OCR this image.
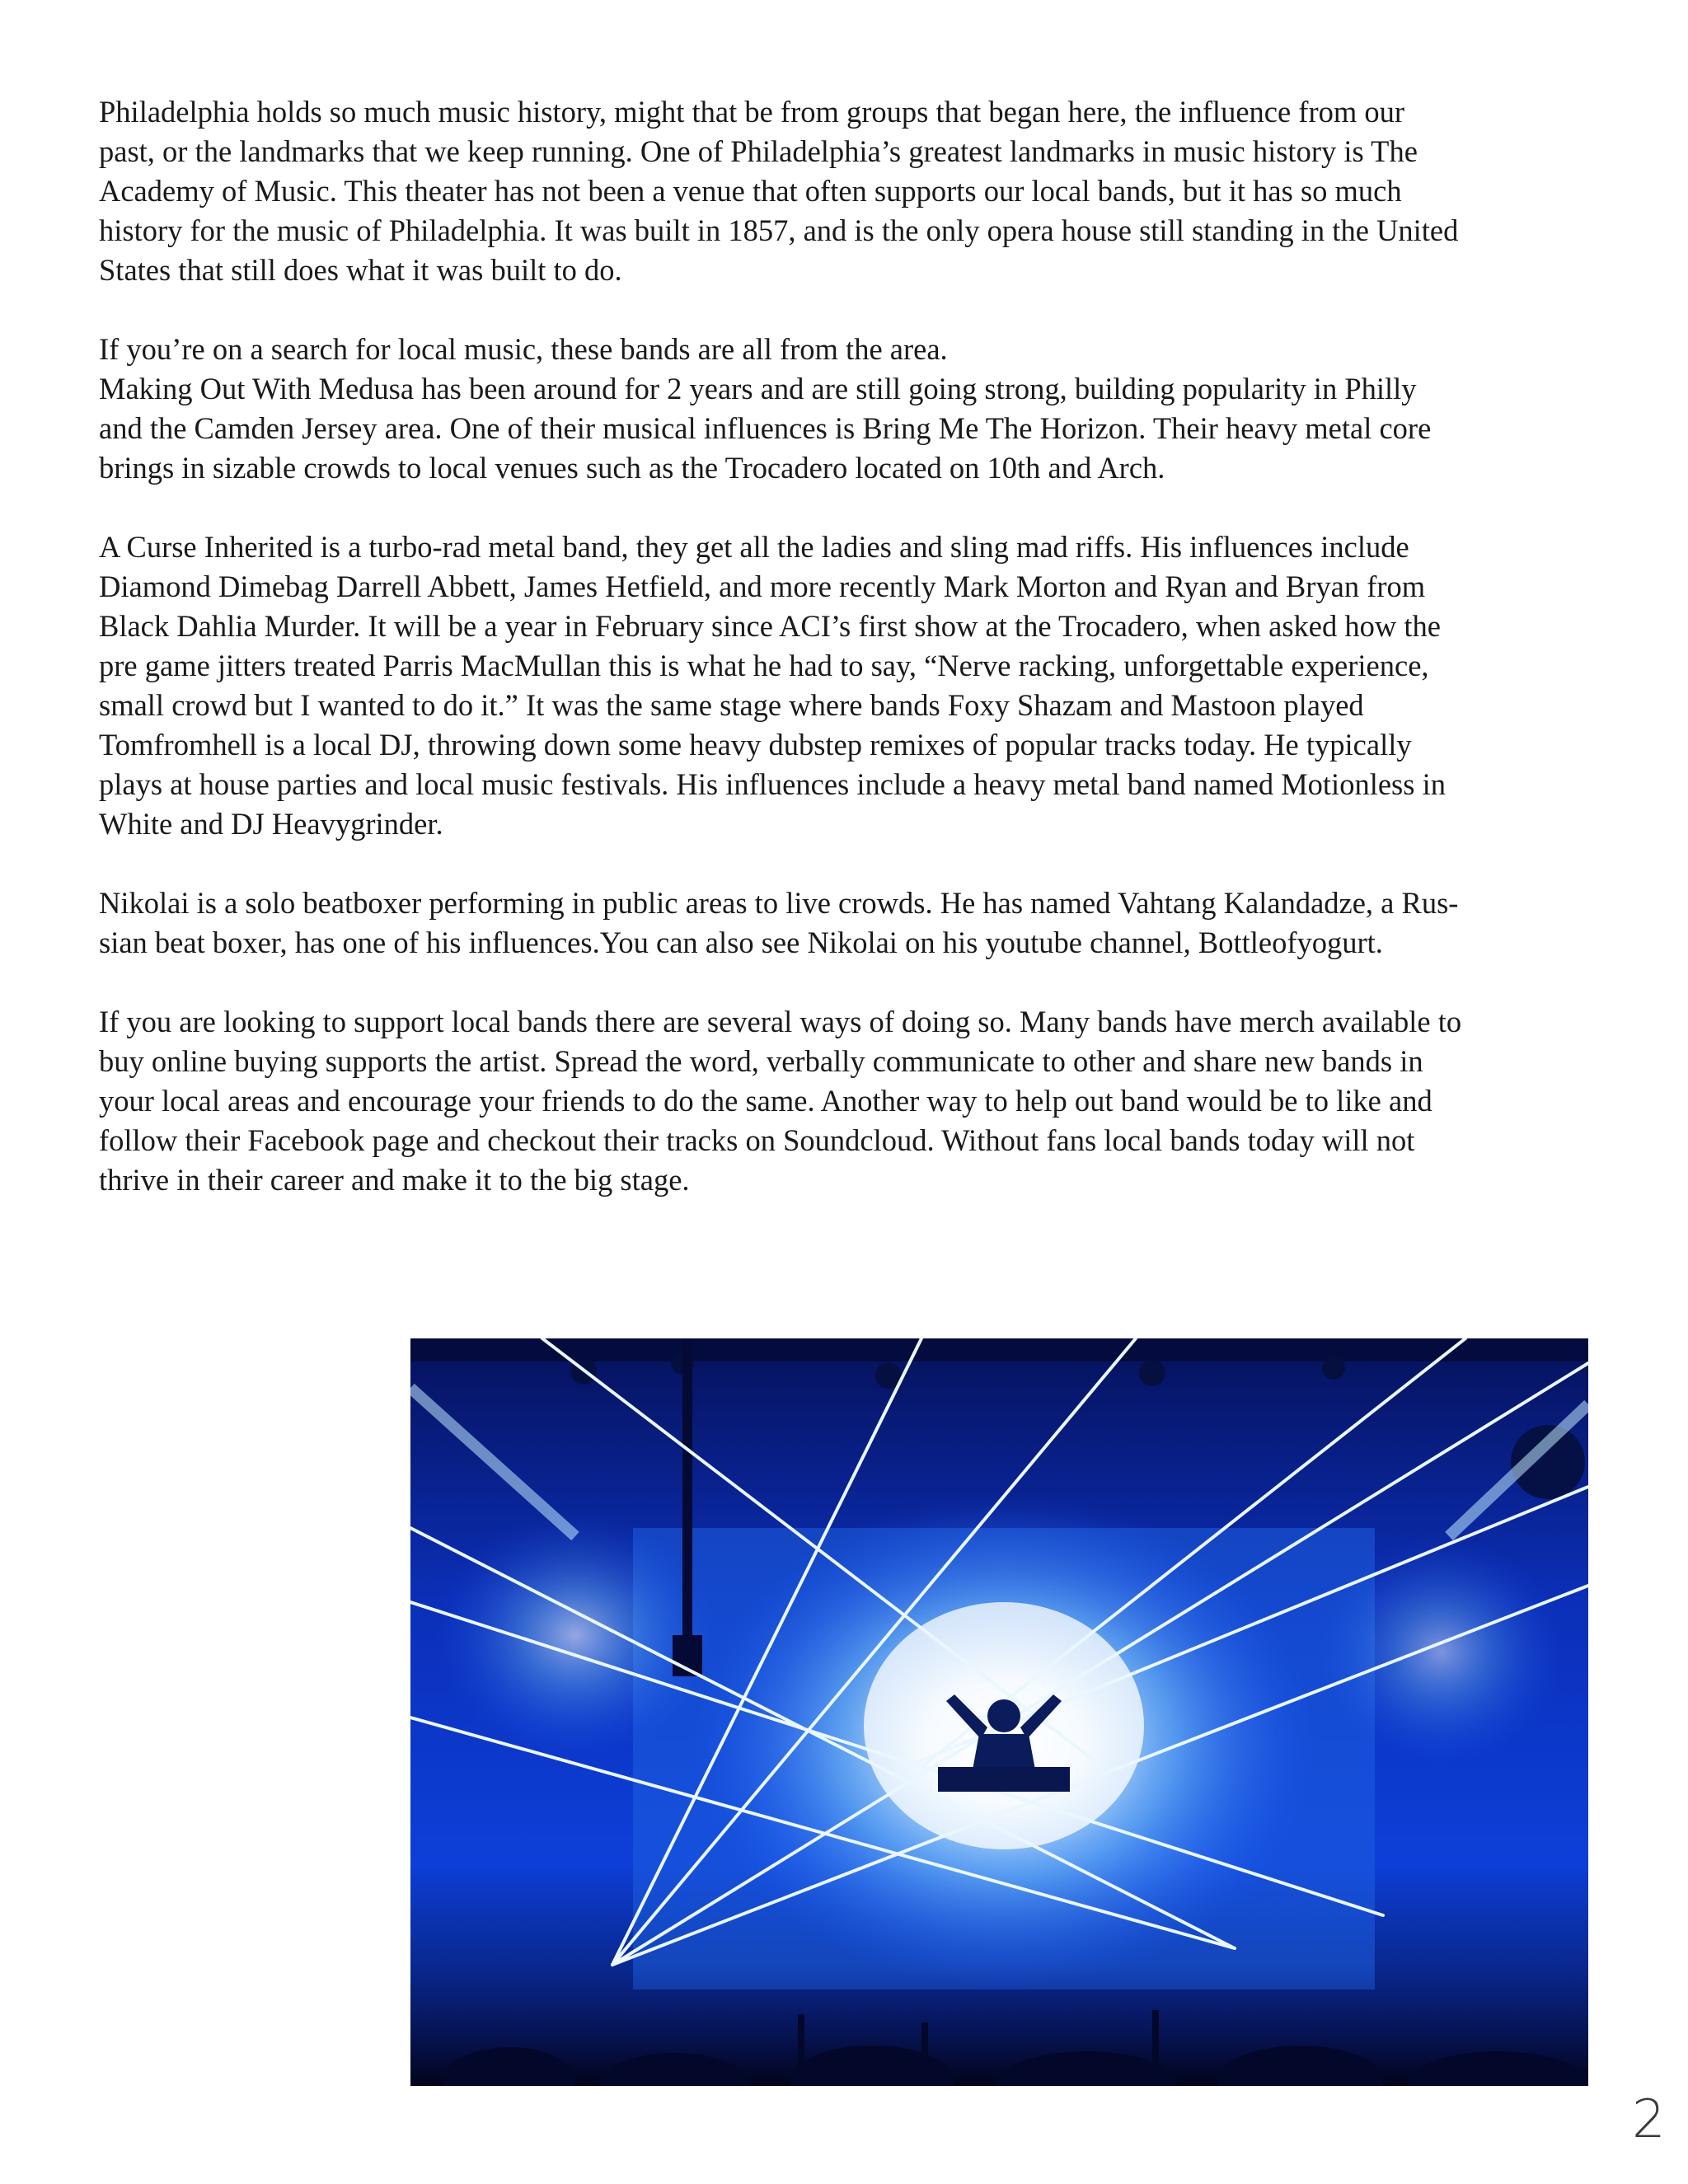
Philadelphia holds so much music history, might that be from groups that began here, the influence from our
past, or the landmarks that we keep running. One of Philadelphia’s greatest landmarks in music history is The
Academy of Music. This theater has not been a venue that often supports our local bands, but it has so much
history for the music of Philadelphia. It was built in 1857, and is the only opera house still standing in the United
States that still does what it was built to do.
If you’re on a search for local music, these bands are all from the area.
Making Out With Medusa has been around for 2 years and are still going strong, building popularity in Philly
and the Camden Jersey area. One of their musical influences is Bring Me The Horizon. Their heavy metal core
brings in sizable crowds to local venues such as the Trocadero located on 10th and Arch.
A Curse Inherited is a turbo-rad metal band, they get all the ladies and sling mad riffs. His influences include
Diamond Dimebag Darrell Abbett, James Hetfield, and more recently Mark Morton and Ryan and Bryan from
Black Dahlia Murder. It will be a year in February since ACI’s first show at the Trocadero, when asked how the
pre game jitters treated Parris MacMullan this is what he had to say, “Nerve racking, unforgettable experience,
small crowd but I wanted to do it.” It was the same stage where bands Foxy Shazam and Mastoon played
Tomfromhell is a local DJ, throwing down some heavy dubstep remixes of popular tracks today. He typically
plays at house parties and local music festivals. His influences include a heavy metal band named Motionless in
White and DJ Heavygrinder.
Nikolai is a solo beatboxer performing in public areas to live crowds. He has named Vahtang Kalandadze, a Rus-
sian beat boxer, has one of his influences.You can also see Nikolai on his youtube channel, Bottleofyogurt.
If you are looking to support local bands there are several ways of doing so. Many bands have merch available to
buy online buying supports the artist. Spread the word, verbally communicate to other and share new bands in
your local areas and encourage your friends to do the same. Another way to help out band would be to like and
follow their Facebook page and checkout their tracks on Soundcloud. Without fans local bands today will not
thrive in their career and make it to the big stage.
2
